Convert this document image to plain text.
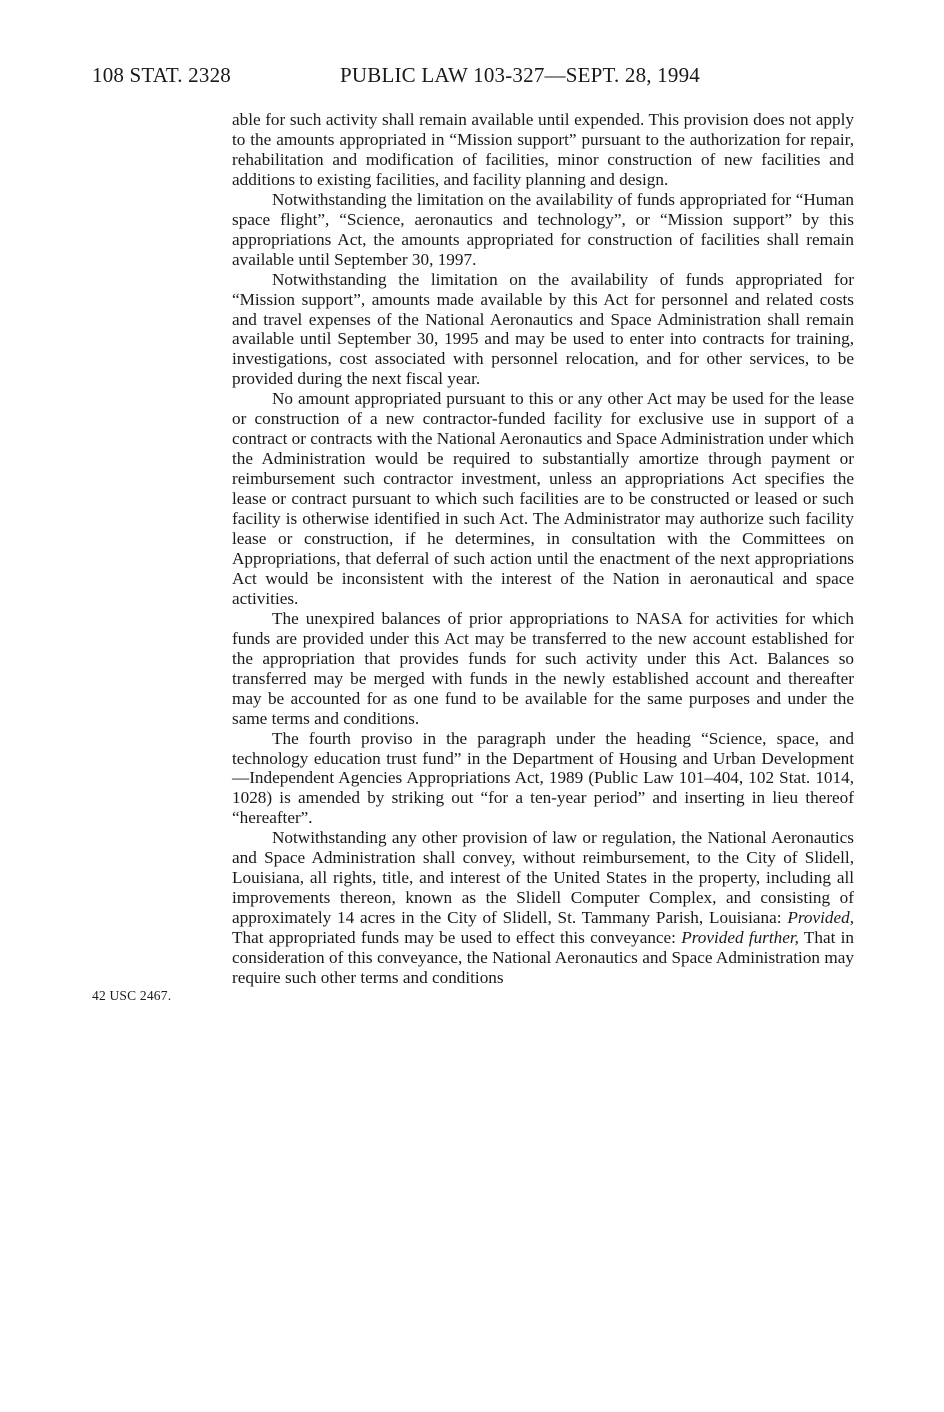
108 STAT. 2328	PUBLIC LAW 103-327—SEPT. 28, 1994
42 USC 2467.

able for such activity shall remain available until expended. This provision does not apply to the amounts appropriated in “Mission support” pursuant to the authorization for repair, rehabilitation and modification of facilities, minor construction of new facilities and additions to existing facilities, and facility planning and design.

Notwithstanding the limitation on the availability of funds appropriated for “Human space flight”, “Science, aeronautics and technology”, or “Mission support” by this appropriations Act, the amounts appropriated for construction of facilities shall remain available until September 30, 1997.

Notwithstanding the limitation on the availability of funds appropriated for “Mission support”, amounts made available by this Act for personnel and related costs and travel expenses of the National Aeronautics and Space Administration shall remain available until September 30, 1995 and may be used to enter into contracts for training, investigations, cost associated with personnel relocation, and for other services, to be provided during the next fiscal year.

No amount appropriated pursuant to this or any other Act may be used for the lease or construction of a new contractor-funded facility for exclusive use in support of a contract or contracts with the National Aeronautics and Space Administration under which the Administration would be required to substantially amortize through payment or reimbursement such contractor investment, unless an appropriations Act specifies the lease or contract pursuant to which such facilities are to be constructed or leased or such facility is otherwise identified in such Act. The Administrator may authorize such facility lease or construction, if he determines, in consultation with the Committees on Appropriations, that deferral of such action until the enactment of the next appropriations Act would be inconsistent with the interest of the Nation in aeronautical and space activities.

The unexpired balances of prior appropriations to NASA for activities for which funds are provided under this Act may be transferred to the new account established for the appropriation that provides funds for such activity under this Act. Balances so transferred may be merged with funds in the newly established account and thereafter may be accounted for as one fund to be available for the same purposes and under the same terms and conditions.

The fourth proviso in the paragraph under the heading “Science, space, and technology education trust fund” in the Department of Housing and Urban Development—Independent Agencies Appropriations Act, 1989 (Public Law 101–404, 102 Stat. 1014, 1028) is amended by striking out “for a ten-year period” and inserting in lieu thereof “hereafter”.

Notwithstanding any other provision of law or regulation, the National Aeronautics and Space Administration shall convey, without reimbursement, to the City of Slidell, Louisiana, all rights, title, and interest of the United States in the property, including all improvements thereon, known as the Slidell Computer Complex, and consisting of approximately 14 acres in the City of Slidell, St. Tammany Parish, Louisiana: Provided, That appropriated funds may be used to effect this conveyance: Provided further, That in consideration of this conveyance, the National Aeronautics and Space Administration may require such other terms and conditions
